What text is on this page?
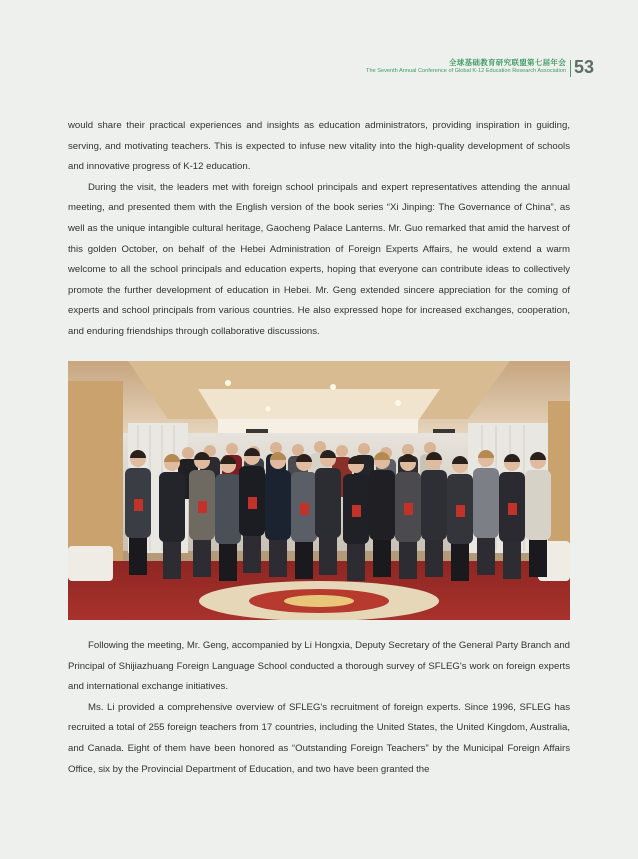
全球基础教育研究联盟第七届年会
The Seventh Annual Conference of Global K-12 Education Research Association 53

would share their practical experiences and insights as education administrators, providing inspiration in guiding, serving, and motivating teachers. This is expected to infuse new vitality into the high-quality development of schools and innovative progress of K-12 education.

During the visit, the leaders met with foreign school principals and expert representatives attending the annual meeting, and presented them with the English version of the book series “Xi Jinping: The Governance of China”, as well as the unique intangible cultural heritage, Gaocheng Palace Lanterns. Mr. Guo remarked that amid the harvest of this golden October, on behalf of the Hebei Administration of Foreign Experts Affairs, he would extend a warm welcome to all the school principals and education experts, hoping that everyone can contribute ideas to collectively promote the further development of education in Hebei. Mr. Geng extended sincere appreciation for the coming of experts and school principals from various countries. He also expressed hope for increased exchanges, cooperation, and enduring friendships through collaborative discussions.

Following the meeting, Mr. Geng, accompanied by Li Hongxia, Deputy Secretary of the General Party Branch and Principal of Shijiazhuang Foreign Language School conducted a thorough survey of SFLEG's work on foreign experts and international exchange initiatives.

Ms. Li provided a comprehensive overview of SFLEG's recruitment of foreign experts. Since 1996, SFLEG has recruited a total of 255 foreign teachers from 17 countries, including the United States, the United Kingdom, Australia, and Canada. Eight of them have been honored as “Outstanding Foreign Teachers” by the Municipal Foreign Affairs Office, six by the Provincial Department of Education, and two have been granted the
